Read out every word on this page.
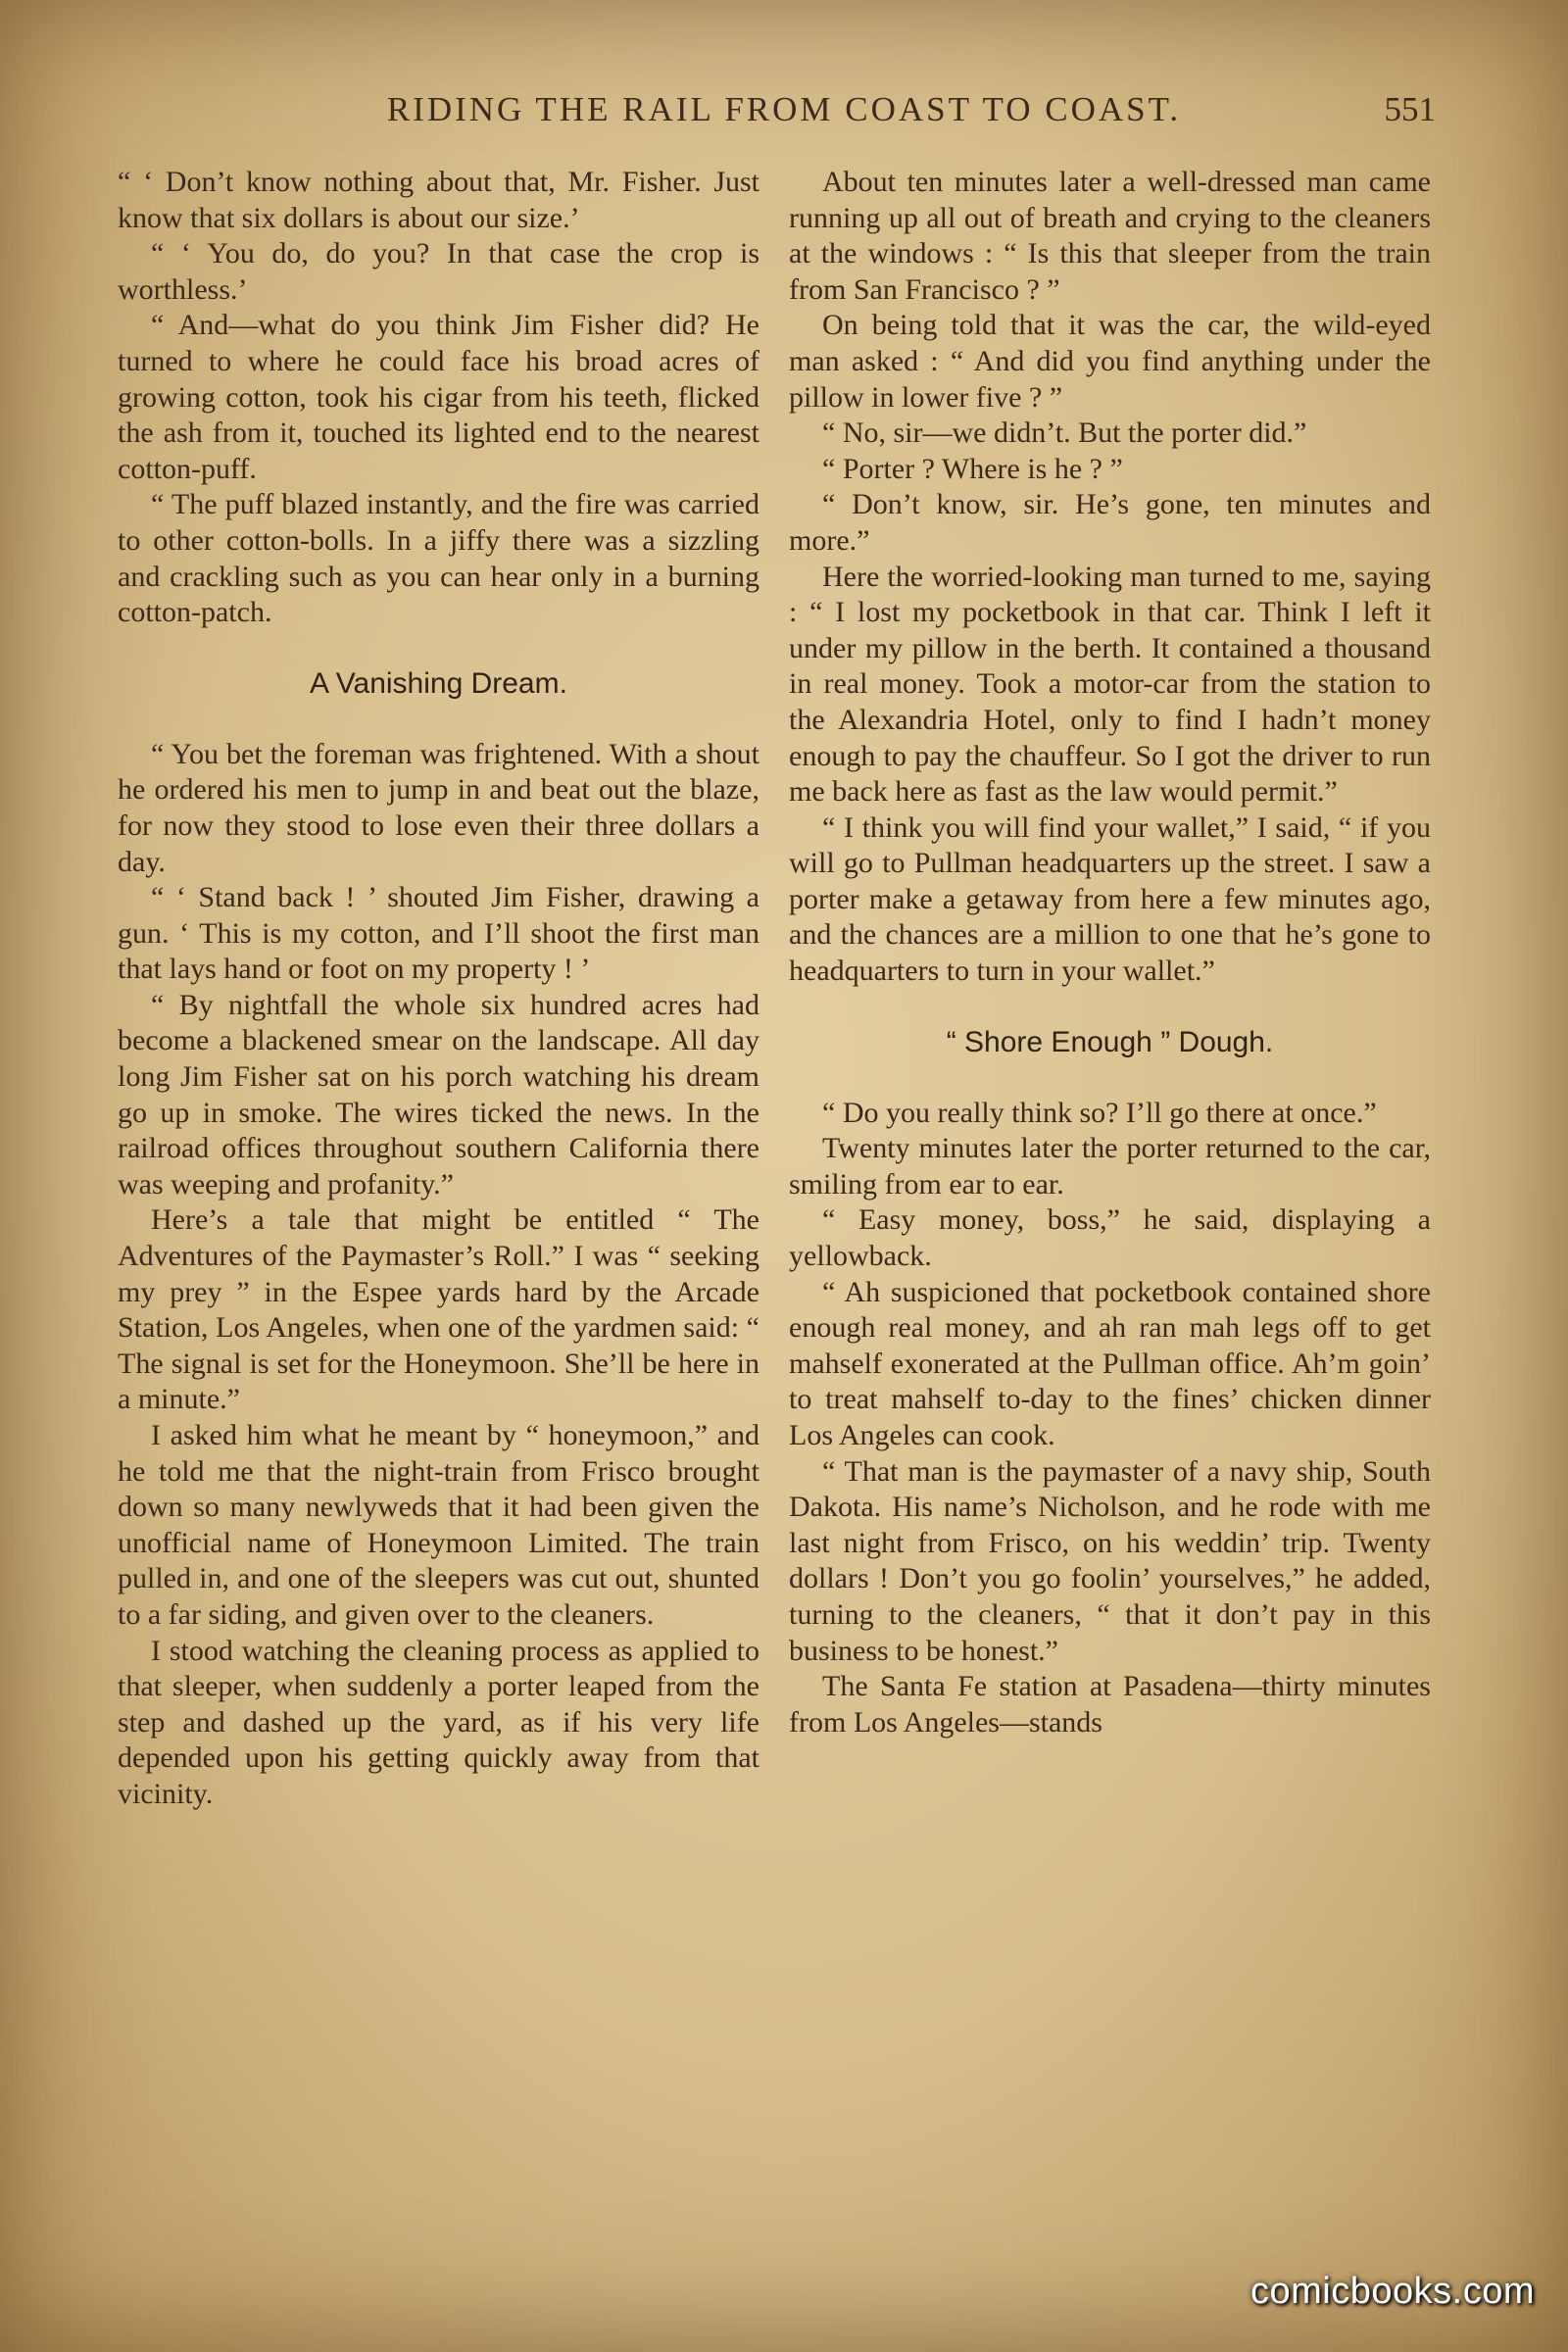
RIDING THE RAIL FROM COAST TO COAST.	551

“ ‘ Don’t know nothing about that, Mr. Fisher. Just know that six dollars is about our size.’

“ ‘ You do, do you? In that case the crop is worthless.’

“ And—what do you think Jim Fisher did? He turned to where he could face his broad acres of growing cotton, took his cigar from his teeth, flicked the ash from it, touched its lighted end to the nearest cotton-puff.

“ The puff blazed instantly, and the fire was carried to other cotton-bolls. In a jiffy there was a sizzling and crackling such as you can hear only in a burning cotton-patch.

A Vanishing Dream.

“ You bet the foreman was frightened. With a shout he ordered his men to jump in and beat out the blaze, for now they stood to lose even their three dollars a day.

“ ‘ Stand back ! ’ shouted Jim Fisher, drawing a gun. ‘ This is my cotton, and I’ll shoot the first man that lays hand or foot on my property ! ’

“ By nightfall the whole six hundred acres had become a blackened smear on the landscape. All day long Jim Fisher sat on his porch watching his dream go up in smoke. The wires ticked the news. In the railroad offices throughout southern California there was weeping and profanity.”

Here’s a tale that might be entitled “ The Adventures of the Paymaster’s Roll.” I was “ seeking my prey ” in the Espee yards hard by the Arcade Station, Los Angeles, when one of the yardmen said: “ The signal is set for the Honeymoon. She’ll be here in a minute.”

I asked him what he meant by “ honeymoon,” and he told me that the night-train from Frisco brought down so many newlyweds that it had been given the unofficial name of Honeymoon Limited. The train pulled in, and one of the sleepers was cut out, shunted to a far siding, and given over to the cleaners.

I stood watching the cleaning process as applied to that sleeper, when suddenly a porter leaped from the step and dashed up the yard, as if his very life depended upon his getting quickly away from that vicinity.

About ten minutes later a well-dressed man came running up all out of breath and crying to the cleaners at the windows : “ Is this that sleeper from the train from San Francisco ? ”

On being told that it was the car, the wild-eyed man asked : “ And did you find anything under the pillow in lower five ? ”

“ No, sir—we didn’t. But the porter did.”

“ Porter ? Where is he ? ”

“ Don’t know, sir. He’s gone, ten minutes and more.”

Here the worried-looking man turned to me, saying : “ I lost my pocketbook in that car. Think I left it under my pillow in the berth. It contained a thousand in real money. Took a motor-car from the station to the Alexandria Hotel, only to find I hadn’t money enough to pay the chauffeur. So I got the driver to run me back here as fast as the law would permit.”

“ I think you will find your wallet,” I said, “ if you will go to Pullman headquarters up the street. I saw a porter make a getaway from here a few minutes ago, and the chances are a million to one that he’s gone to headquarters to turn in your wallet.”

“ Shore Enough ” Dough.

“ Do you really think so? I’ll go there at once.”

Twenty minutes later the porter returned to the car, smiling from ear to ear.

“ Easy money, boss,” he said, displaying a yellowback.

“ Ah suspicioned that pocketbook contained shore enough real money, and ah ran mah legs off to get mahself exonerated at the Pullman office. Ah’m goin’ to treat mahself to-day to the fines’ chicken dinner Los Angeles can cook.

“ That man is the paymaster of a navy ship, South Dakota. His name’s Nicholson, and he rode with me last night from Frisco, on his weddin’ trip. Twenty dollars ! Don’t you go foolin’ yourselves,” he added, turning to the cleaners, “ that it don’t pay in this business to be honest.”

The Santa Fe station at Pasadena—thirty minutes from Los Angeles—stands

comicbooks.com
